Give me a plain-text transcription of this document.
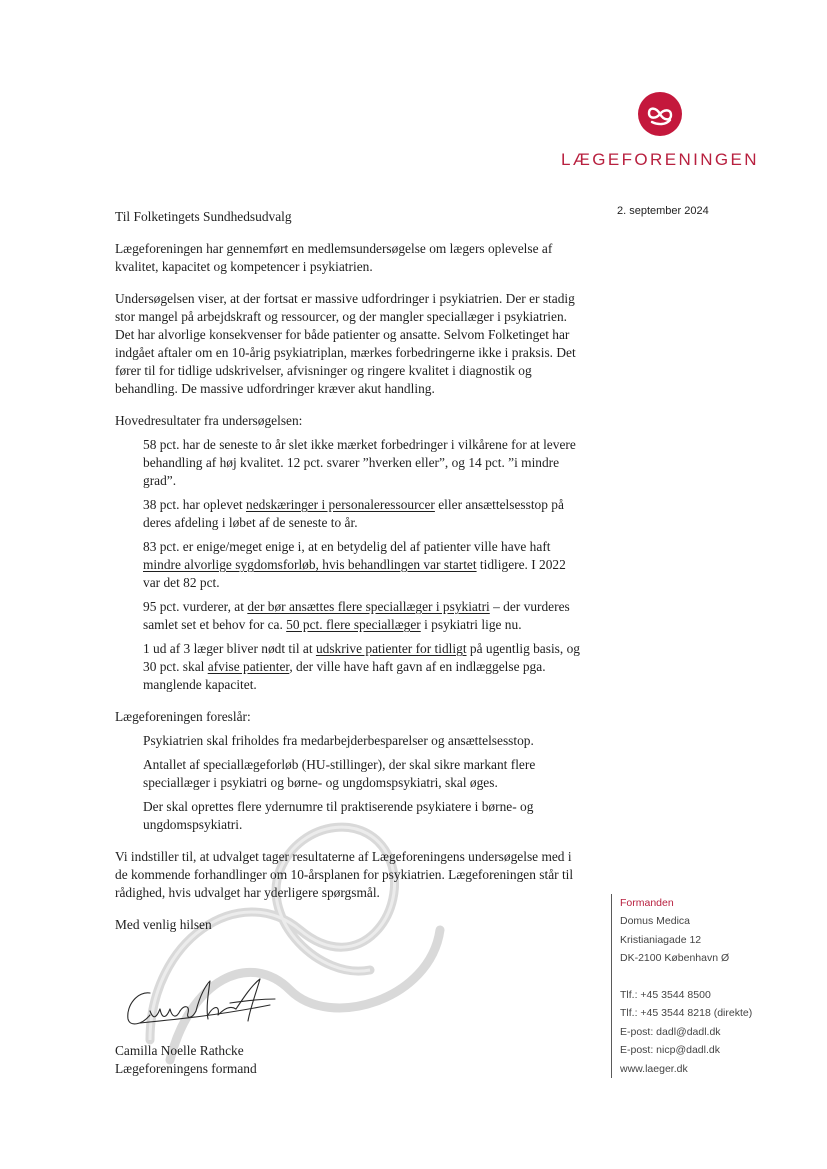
LÆGEFORENINGEN
2. september 2024

Til Folketingets Sundhedsudvalg

Lægeforeningen har gennemført en medlemsundersøgelse om lægers oplevelse af kvalitet, kapacitet og kompetencer i psykiatrien.

Undersøgelsen viser, at der fortsat er massive udfordringer i psykiatrien. Der er stadig stor mangel på arbejdskraft og ressourcer, og der mangler speciallæger i psykiatrien. Det har alvorlige konsekvenser for både patienter og ansatte. Selvom Folketinget har indgået aftaler om en 10-årig psykiatriplan, mærkes forbedringerne ikke i praksis. Det fører til for tidlige udskrivelser, afvisninger og ringere kvalitet i diagnostik og behandling. De massive udfordringer kræver akut handling.

Hovedresultater fra undersøgelsen:

58 pct. har de seneste to år slet ikke mærket forbedringer i vilkårene for at levere behandling af høj kvalitet. 12 pct. svarer ”hverken eller”, og 14 pct. ”i mindre grad”.

38 pct. har oplevet nedskæringer i personaleressourcer eller ansættelsesstop på deres afdeling i løbet af de seneste to år.

83 pct. er enige/meget enige i, at en betydelig del af patienter ville have haft mindre alvorlige sygdomsforløb, hvis behandlingen var startet tidligere. I 2022 var det 82 pct.

95 pct. vurderer, at der bør ansættes flere speciallæger i psykiatri – der vurderes samlet set et behov for ca. 50 pct. flere speciallæger i psykiatri lige nu.

1 ud af 3 læger bliver nødt til at udskrive patienter for tidligt på ugentlig basis, og 30 pct. skal afvise patienter, der ville have haft gavn af en indlæggelse pga. manglende kapacitet.

Lægeforeningen foreslår:

Psykiatrien skal friholdes fra medarbejderbesparelser og ansættelsesstop.

Antallet af speciallægeforløb (HU-stillinger), der skal sikre markant flere speciallæger i psykiatri og børne- og ungdomspsykiatri, skal øges.

Der skal oprettes flere ydernumre til praktiserende psykiatere i børne- og ungdomspsykiatri.

Vi indstiller til, at udvalget tager resultaterne af Lægeforeningens undersøgelse med i de kommende forhandlinger om 10-årsplanen for psykiatrien. Lægeforeningen står til rådighed, hvis udvalget har yderligere spørgsmål.

Med venlig hilsen

Camilla Noelle Rathcke

Lægeforeningens formand

Formanden

Domus Medica

Kristianiagade 12

DK-2100 København Ø

Tlf.: +45 3544 8500

Tlf.: +45 3544 8218 (direkte)

E-post: dadl@dadl.dk

E-post: nicp@dadl.dk

www.laeger.dk
